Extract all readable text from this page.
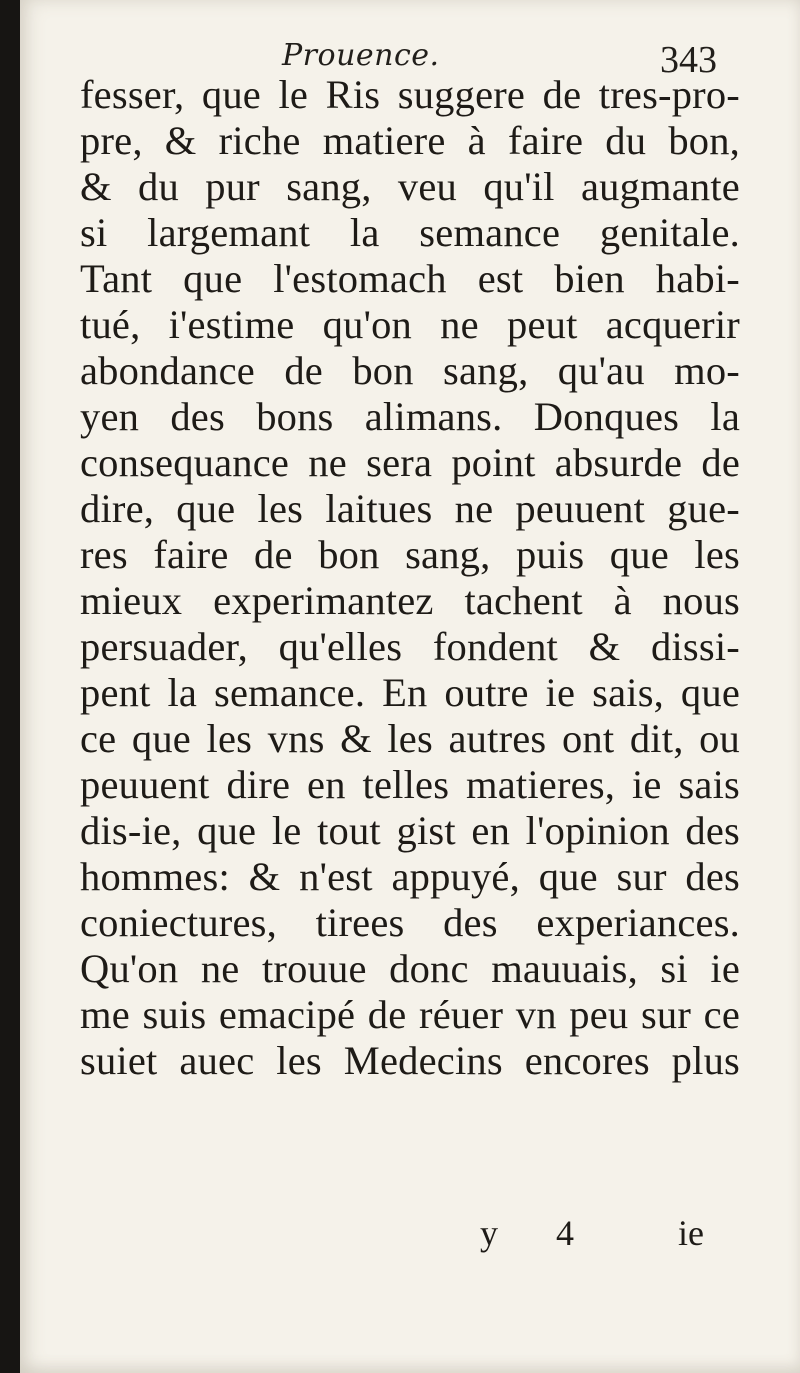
Prouence.	343
fesser, que le Ris suggere de tres-pro-
pre, & riche matiere à faire du bon,
& du pur sang, veu qu'il augmante
si largemant la semance genitale.
Tant que l'estomach est bien habi-
tué, i'estime qu'on ne peut acquerir
abondance de bon sang, qu'au mo-
yen des bons alimans. Donques la
consequance ne sera point absurde de
dire, que les laitues ne peuuent gue-
res faire de bon sang, puis que les
mieux experimantez tachent à nous
persuader, qu'elles fondent & dissi-
pent la semance. En outre ie sais, que
ce que les vns & les autres ont dit, ou
peuuent dire en telles matieres, ie sais
dis-ie, que le tout gist en l'opinion des
hommes: & n'est appuyé, que sur des
coniectures, tirees des experiances.
Qu'on ne trouue donc mauuais, si ie
me suis emacipé de réuer vn peu sur ce
suiet auec les Medecins encores plus
y 4	ie
